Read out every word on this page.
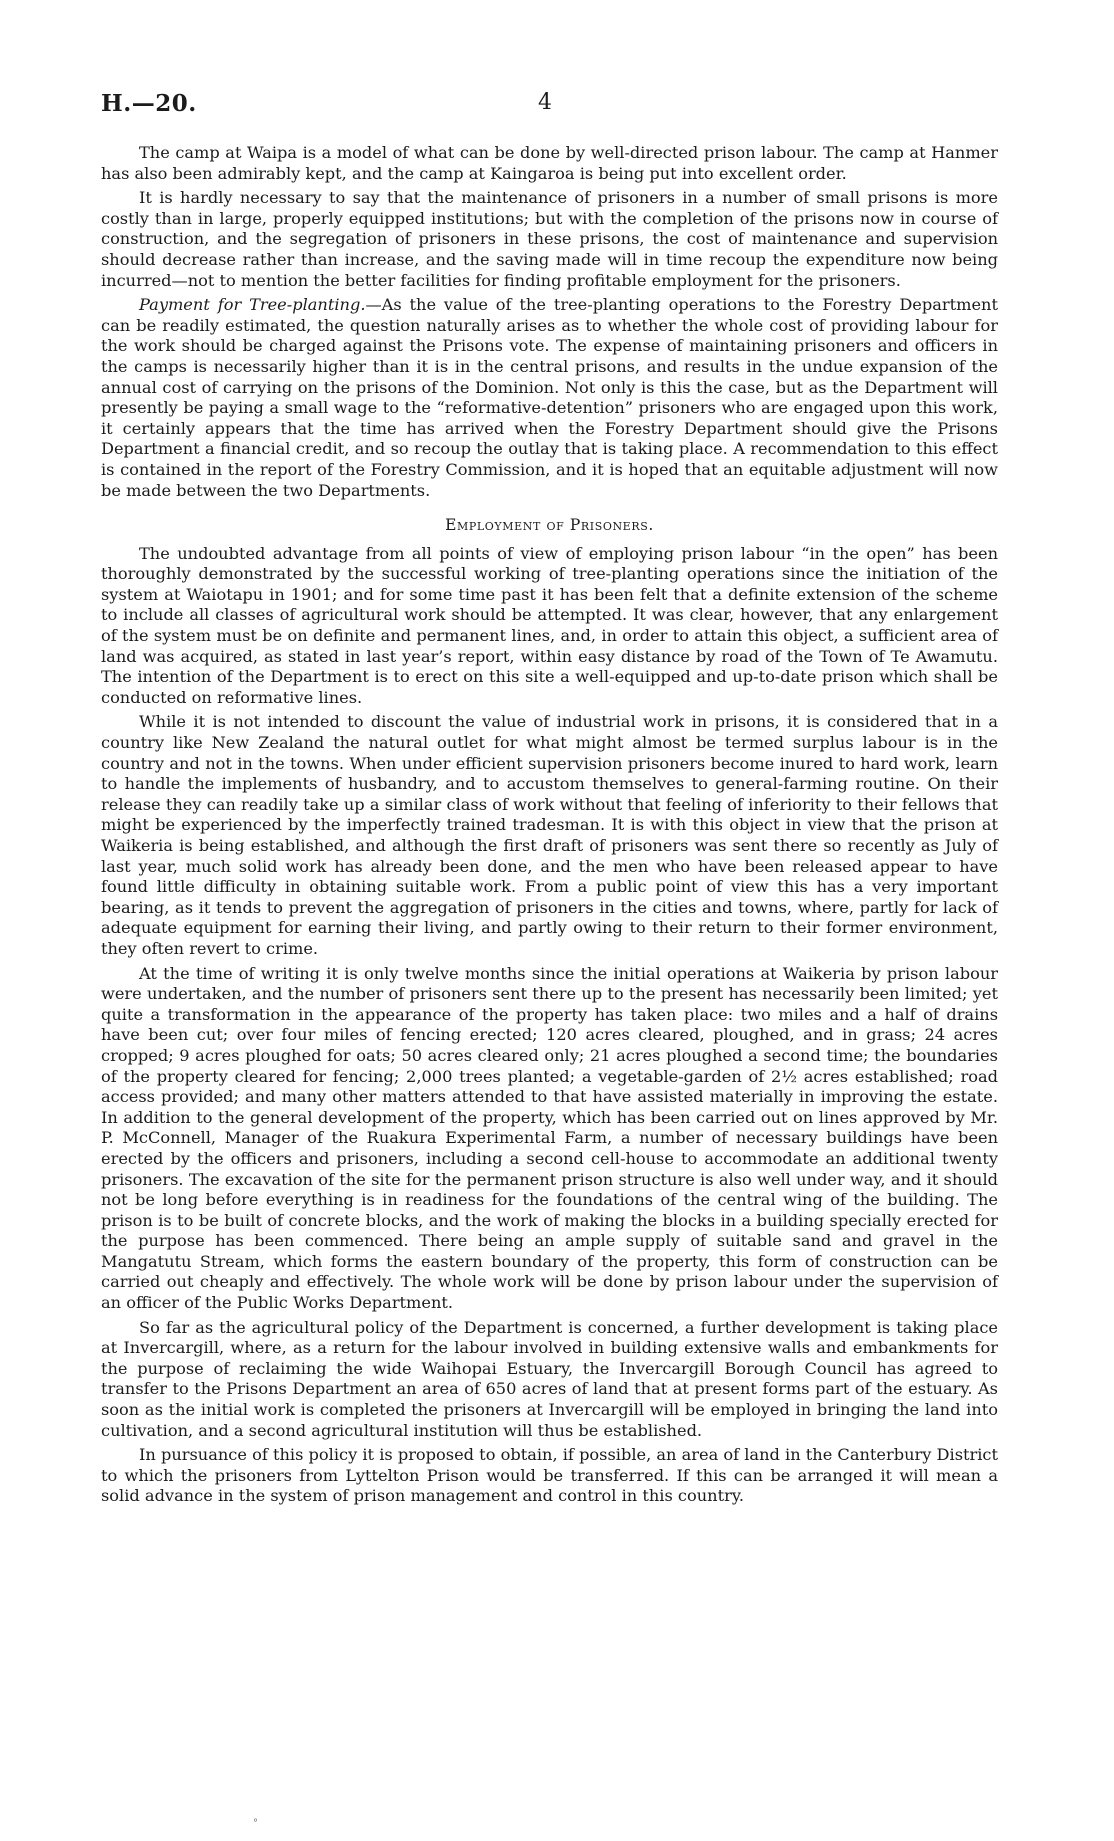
H.—20.	4

The camp at Waipa is a model of what can be done by well-directed prison labour. The camp at Hanmer has also been admirably kept, and the camp at Kaingaroa is being put into excellent order.

It is hardly necessary to say that the maintenance of prisoners in a number of small prisons is more costly than in large, properly equipped institutions; but with the completion of the prisons now in course of construction, and the segregation of prisoners in these prisons, the cost of maintenance and supervision should decrease rather than increase, and the saving made will in time recoup the expenditure now being incurred—not to mention the better facilities for finding profitable employment for the prisoners.

Payment for Tree-planting.—As the value of the tree-planting operations to the Forestry Department can be readily estimated, the question naturally arises as to whether the whole cost of providing labour for the work should be charged against the Prisons vote. The expense of maintaining prisoners and officers in the camps is necessarily higher than it is in the central prisons, and results in the undue expansion of the annual cost of carrying on the prisons of the Dominion. Not only is this the case, but as the Department will presently be paying a small wage to the “reformative-detention” prisoners who are engaged upon this work, it certainly appears that the time has arrived when the Forestry Department should give the Prisons Department a financial credit, and so recoup the outlay that is taking place. A recommendation to this effect is contained in the report of the Forestry Commission, and it is hoped that an equitable adjustment will now be made between the two Departments.

Employment of Prisoners.

The undoubted advantage from all points of view of employing prison labour “in the open” has been thoroughly demonstrated by the successful working of tree-planting operations since the initiation of the system at Waiotapu in 1901; and for some time past it has been felt that a definite extension of the scheme to include all classes of agricultural work should be attempted. It was clear, however, that any enlargement of the system must be on definite and permanent lines, and, in order to attain this object, a sufficient area of land was acquired, as stated in last year’s report, within easy distance by road of the Town of Te Awamutu. The intention of the Department is to erect on this site a well-equipped and up-to-date prison which shall be conducted on reformative lines.

While it is not intended to discount the value of industrial work in prisons, it is considered that in a country like New Zealand the natural outlet for what might almost be termed surplus labour is in the country and not in the towns. When under efficient supervision prisoners become inured to hard work, learn to handle the implements of husbandry, and to accustom themselves to general-farming routine. On their release they can readily take up a similar class of work without that feeling of inferiority to their fellows that might be experienced by the imperfectly trained tradesman. It is with this object in view that the prison at Waikeria is being established, and although the first draft of prisoners was sent there so recently as July of last year, much solid work has already been done, and the men who have been released appear to have found little difficulty in obtaining suitable work. From a public point of view this has a very important bearing, as it tends to prevent the aggregation of prisoners in the cities and towns, where, partly for lack of adequate equipment for earning their living, and partly owing to their return to their former environment, they often revert to crime.

At the time of writing it is only twelve months since the initial operations at Waikeria by prison labour were undertaken, and the number of prisoners sent there up to the present has necessarily been limited; yet quite a transformation in the appearance of the property has taken place: two miles and a half of drains have been cut; over four miles of fencing erected; 120 acres cleared, ploughed, and in grass; 24 acres cropped; 9 acres ploughed for oats; 50 acres cleared only; 21 acres ploughed a second time; the boundaries of the property cleared for fencing; 2,000 trees planted; a vegetable-garden of 2½ acres established; road access provided; and many other matters attended to that have assisted materially in improving the estate. In addition to the general development of the property, which has been carried out on lines approved by Mr. P. McConnell, Manager of the Ruakura Experimental Farm, a number of necessary buildings have been erected by the officers and prisoners, including a second cell-house to accommodate an additional twenty prisoners. The excavation of the site for the permanent prison structure is also well under way, and it should not be long before everything is in readiness for the foundations of the central wing of the building. The prison is to be built of concrete blocks, and the work of making the blocks in a building specially erected for the purpose has been commenced. There being an ample supply of suitable sand and gravel in the Mangatutu Stream, which forms the eastern boundary of the property, this form of construction can be carried out cheaply and effectively. The whole work will be done by prison labour under the supervision of an officer of the Public Works Department.

So far as the agricultural policy of the Department is concerned, a further development is taking place at Invercargill, where, as a return for the labour involved in building extensive walls and embankments for the purpose of reclaiming the wide Waihopai Estuary, the Invercargill Borough Council has agreed to transfer to the Prisons Department an area of 650 acres of land that at present forms part of the estuary. As soon as the initial work is completed the prisoners at Invercargill will be employed in bringing the land into cultivation, and a second agricultural institution will thus be established.

In pursuance of this policy it is proposed to obtain, if possible, an area of land in the Canterbury District to which the prisoners from Lyttelton Prison would be transferred. If this can be arranged it will mean a solid advance in the system of prison management and control in this country.

°
